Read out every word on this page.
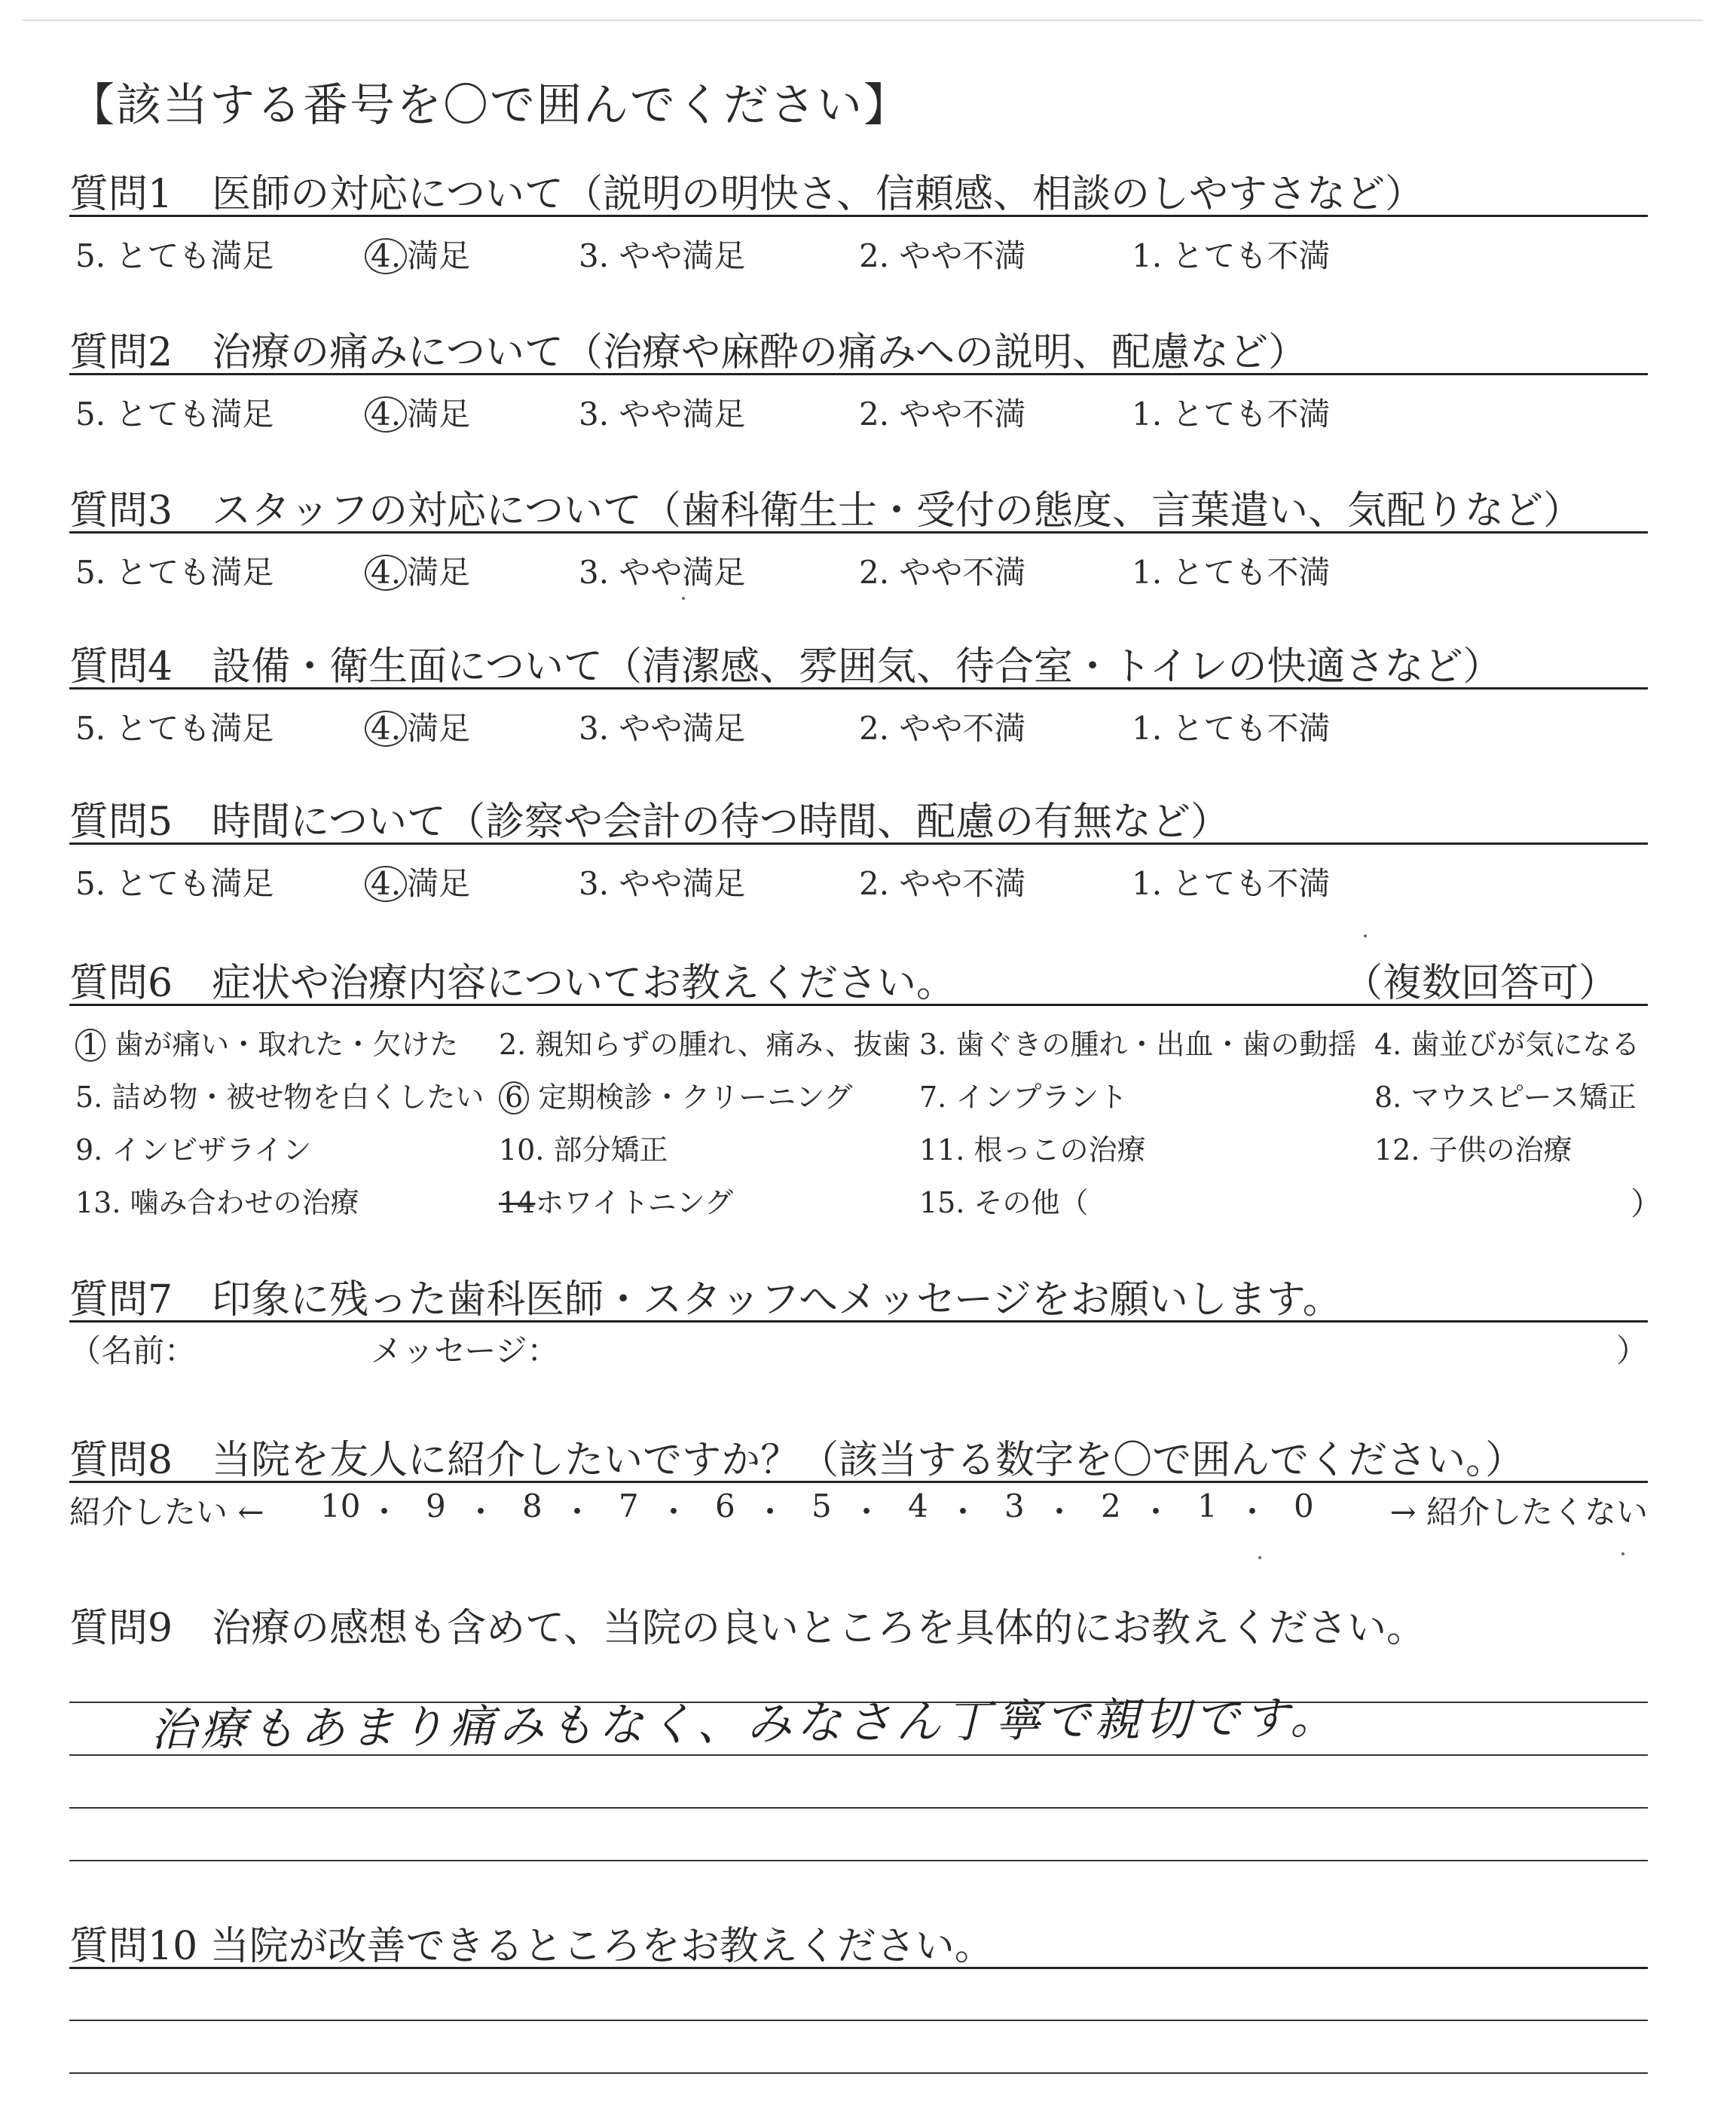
【該当する番号を〇で囲んでください】
質問1　医師の対応について（説明の明快さ、信頼感、相談のしやすさなど）
5. とても満足	4. 満足	3. やや満足	2. やや不満	1. とても不満
質問2　治療の痛みについて（治療や麻酔の痛みへの説明、配慮など）
5. とても満足	4. 満足	3. やや満足	2. やや不満	1. とても不満
質問3　スタッフの対応について（歯科衛生士・受付の態度、言葉遣い、気配りなど）
5. とても満足	4. 満足	3. やや満足	2. やや不満	1. とても不満
質問4　設備・衛生面について（清潔感、雰囲気、待合室・トイレの快適さなど）
5. とても満足	4. 満足	3. やや満足	2. やや不満	1. とても不満
質問5　時間について（診察や会計の待つ時間、配慮の有無など）
5. とても満足	4. 満足	3. やや満足	2. やや不満	1. とても不満
質問6　症状や治療内容についてお教えください。	（複数回答可）
1 歯が痛い・取れた・欠けた 2. 親知らずの腫れ、痛み、抜歯 3. 歯ぐきの腫れ・出血・歯の動揺 4. 歯並びが気になる
5. 詰め物・被せ物を白くしたい 6 定期検診・クリーニング 7. インプラント	8. マウスピース矯正
9. インビザライン	10. 部分矯正	11. 根っこの治療	12. 子供の治療
13. 噛み合わせの治療	14ホワイトニング	15. その他（	）
質問7　印象に残った歯科医師・スタッフへメッセージをお願いします。
（名前：	メッセージ：	）
質問8　当院を友人に紹介したいですか？（該当する数字を〇で囲んでください。）
紹介したい ← 10 ・ 9 ・ 8 ・ 7 ・ 6 ・ 5 ・ 4 ・ 3 ・ 2 ・ 1 ・ 0 → 紹介したくない
質問9　治療の感想も含めて、当院の良いところを具体的にお教えください。
治療もあまり痛みもなく、みなさん丁寧で親切です。
質問10 当院が改善できるところをお教えください。
